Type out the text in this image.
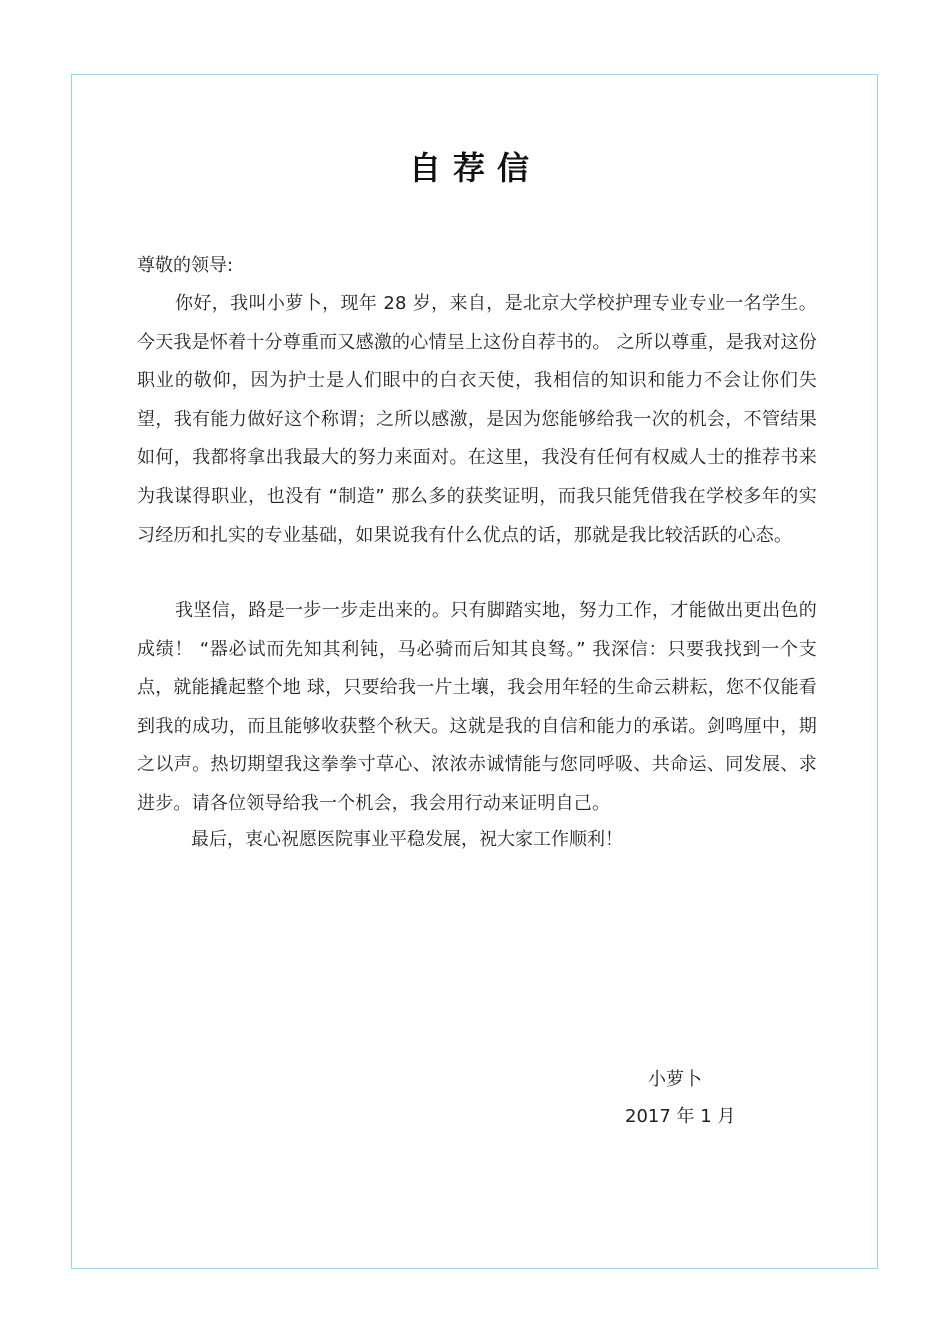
自荐信
尊敬的领导:
你好，我叫小萝卜，现年 28 岁，来自，是北京大学校护理专业专业一名学生。今天我是怀着十分尊重而又感激的心情呈上这份自荐书的。 之所以尊重，是我对这份职业的敬仰，因为护士是人们眼中的白衣天使，我相信的知识和能力不会让你们失望，我有能力做好这个称谓；之所以感激，是因为您能够给我一次的机会，不管结果如何，我都将拿出我最大的努力来面对。在这里，我没有任何有权威人士的推荐书来为我谋得职业，也没有 “制造” 那么多的获奖证明，而我只能凭借我在学校多年的实习经历和扎实的专业基础，如果说我有什么优点的话，那就是我比较活跃的心态。
我坚信，路是一步一步走出来的。只有脚踏实地，努力工作，才能做出更出色的成绩！ “器必试而先知其利钝，马必骑而后知其良驽。” 我深信：只要我找到一个支点，就能撬起整个地 球，只要给我一片土壤，我会用年轻的生命云耕耘，您不仅能看到我的成功，而且能够收获整个秋天。这就是我的自信和能力的承诺。剑鸣厘中，期之以声。热切期望我这拳拳寸草心、浓浓赤诚情能与您同呼吸、共命运、同发展、求进步。请各位领导给我一个机会，我会用行动来证明自己。
最后，衷心祝愿医院事业平稳发展，祝大家工作顺利！
小萝卜
2017 年 1 月
